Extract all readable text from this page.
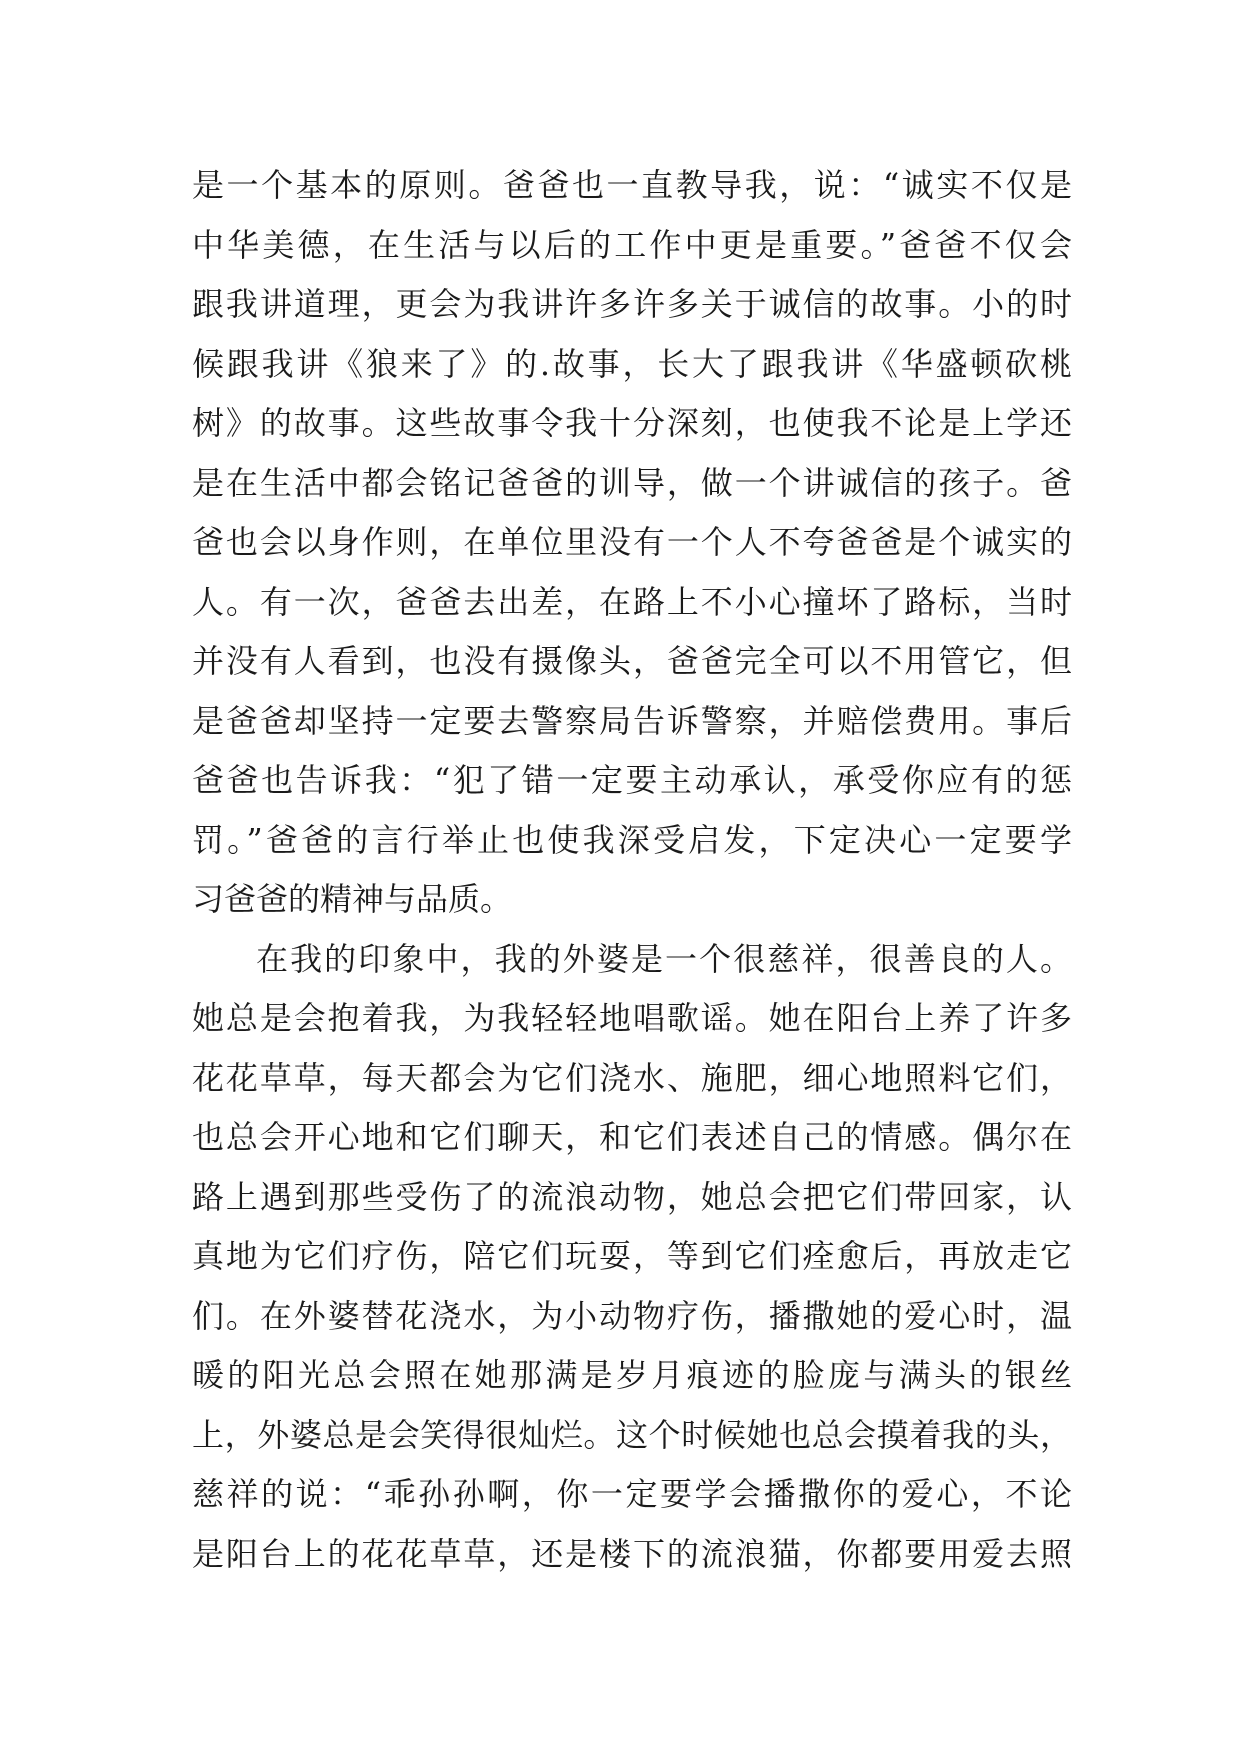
是一个基本的原则。爸爸也一直教导我，说：“诚实不仅是
中华美德，在生活与以后的工作中更是重要。”爸爸不仅会
跟我讲道理，更会为我讲许多许多关于诚信的故事。小的时
候跟我讲《狼来了》的.故事，长大了跟我讲《华盛顿砍桃
树》的故事。这些故事令我十分深刻，也使我不论是上学还
是在生活中都会铭记爸爸的训导，做一个讲诚信的孩子。爸
爸也会以身作则，在单位里没有一个人不夸爸爸是个诚实的
人。有一次，爸爸去出差，在路上不小心撞坏了路标，当时
并没有人看到，也没有摄像头，爸爸完全可以不用管它，但
是爸爸却坚持一定要去警察局告诉警察，并赔偿费用。事后
爸爸也告诉我：“犯了错一定要主动承认，承受你应有的惩
罚。”爸爸的言行举止也使我深受启发，下定决心一定要学
习爸爸的精神与品质。
在我的印象中，我的外婆是一个很慈祥，很善良的人。
她总是会抱着我，为我轻轻地唱歌谣。她在阳台上养了许多
花花草草，每天都会为它们浇水、施肥，细心地照料它们，
也总会开心地和它们聊天，和它们表述自己的情感。偶尔在
路上遇到那些受伤了的流浪动物，她总会把它们带回家，认
真地为它们疗伤，陪它们玩耍，等到它们痊愈后，再放走它
们。在外婆替花浇水，为小动物疗伤，播撒她的爱心时，温
暖的阳光总会照在她那满是岁月痕迹的脸庞与满头的银丝
上，外婆总是会笑得很灿烂。这个时候她也总会摸着我的头，
慈祥的说：“乖孙孙啊，你一定要学会播撒你的爱心，不论
是阳台上的花花草草，还是楼下的流浪猫，你都要用爱去照
